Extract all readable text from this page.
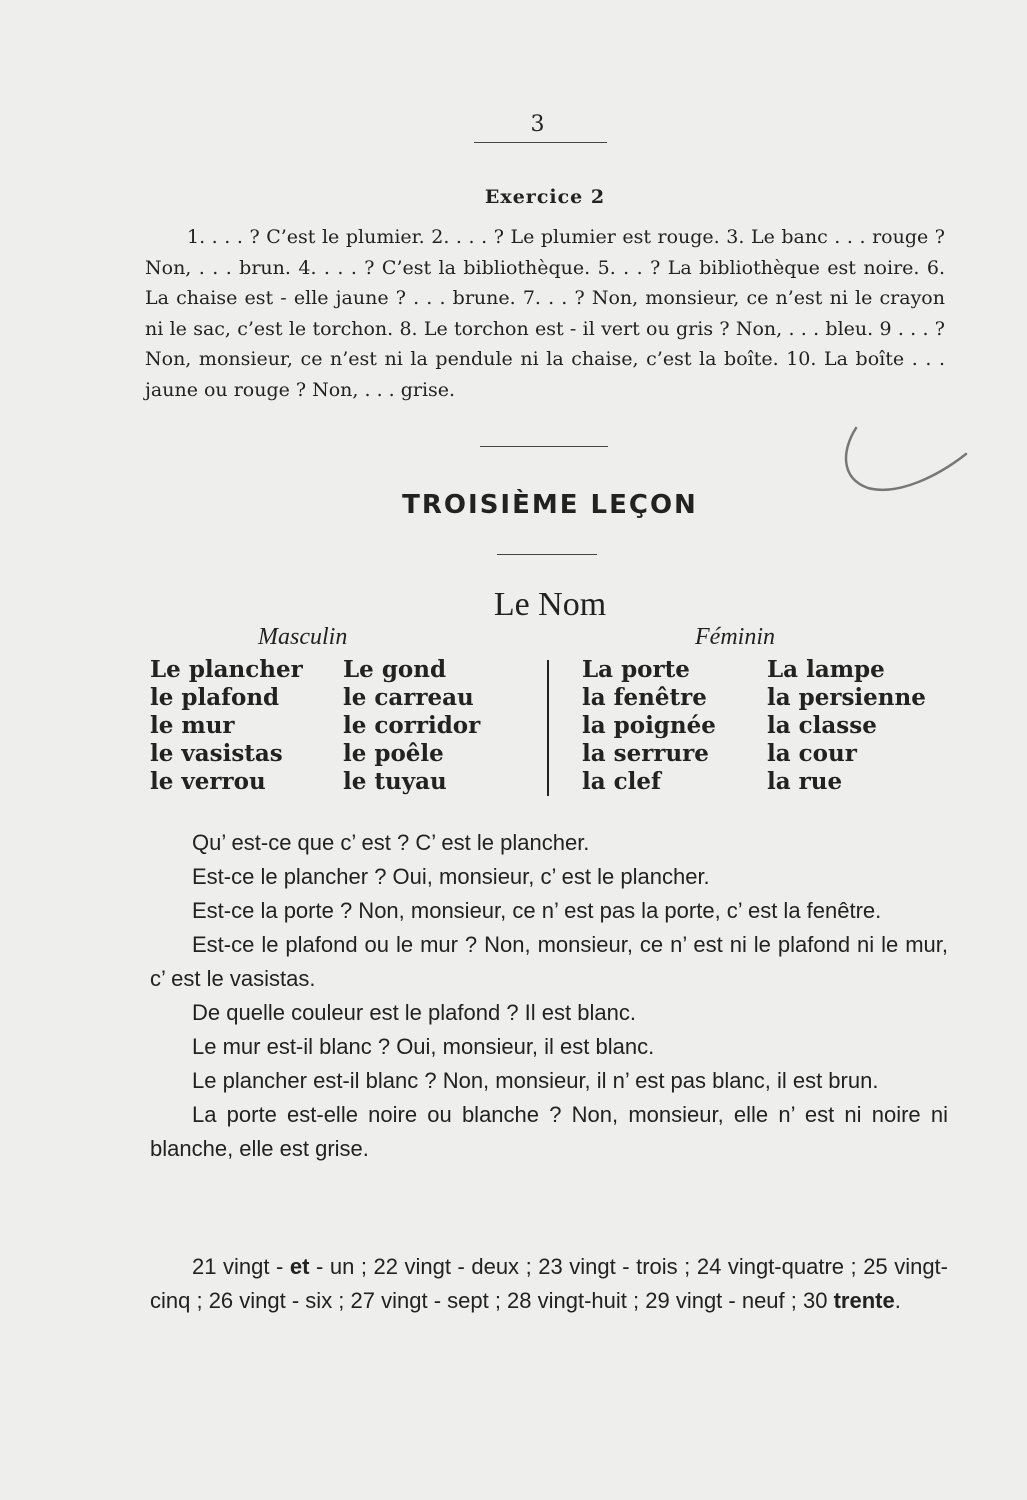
3
Exercice 2

1. . . . ? C’est le plumier. 2. . . . ? Le plumier est rouge. 3. Le banc . . . rouge ? Non, . . . brun. 4. . . . ? C’est la bibliothèque. 5. . . ? La bibliothèque est noire. 6. La chaise est - elle jaune ? . . . brune. 7. . . ? Non, monsieur, ce n’est ni le crayon ni le sac, c’est le torchon. 8. Le torchon est - il vert ou gris ? Non, . . . bleu. 9 . . . ? Non, monsieur, ce n’est ni la pendule ni la chaise, c’est la boîte. 10. La boîte . . . jaune ou rouge ? Non, . . . grise.

TROISIÈME LEÇON
Le Nom
Masculin	Féminin
Le plancher
le plafond
le mur
le vasistas
le verrou
Le gond
le carreau
le corridor
le poêle
le tuyau
La porte
la fenêtre
la poignée
la serrure
la clef
La lampe
la persienne
la classe
la cour
la rue

Qu’ est-ce que c’ est ? C’ est le plancher.

Est-ce le plancher ? Oui, monsieur, c’ est le plancher.

Est-ce la porte ? Non, monsieur, ce n’ est pas la porte, c’ est la fenêtre.

Est-ce le plafond ou le mur ? Non, monsieur, ce n’ est ni le plafond ni le mur, c’ est le vasistas.

De quelle couleur est le plafond ? Il est blanc.

Le mur est-il blanc ? Oui, monsieur, il est blanc.

Le plancher est-il blanc ? Non, monsieur, il n’ est pas blanc, il est brun.

La porte est-elle noire ou blanche ? Non, monsieur, elle n’ est ni noire ni blanche, elle est grise.

21 vingt - et - un ; 22 vingt - deux ; 23 vingt - trois ; 24 vingt-quatre ; 25 vingt-cinq ; 26 vingt - six ; 27 vingt - sept ; 28 vingt-huit ; 29 vingt - neuf ; 30 trente.
